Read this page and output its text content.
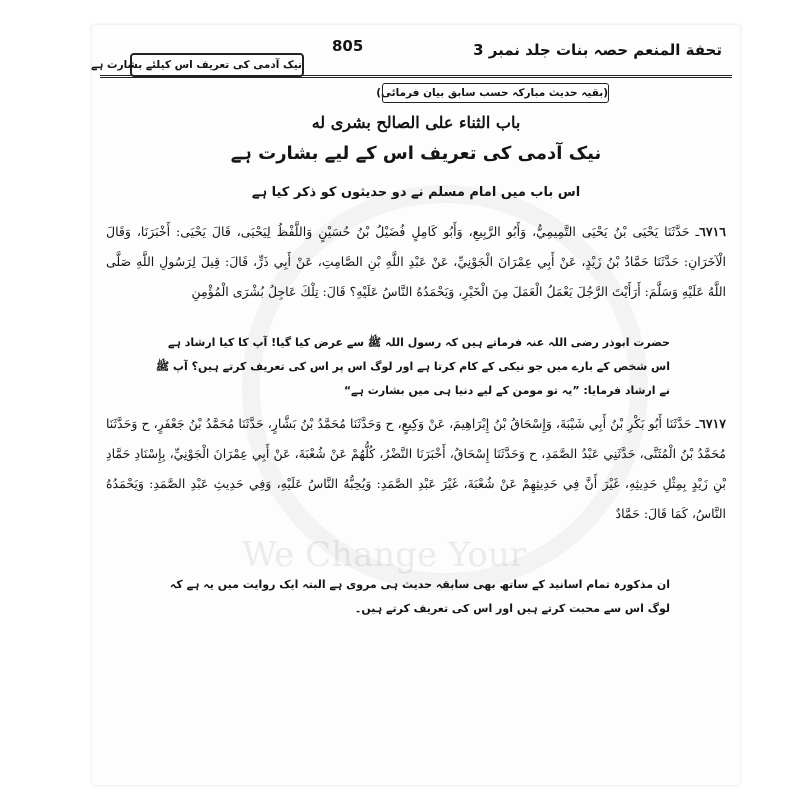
We Change Your
تحفة المنعم حصہ بنات جلد نمبر 3
805
نیک آدمی کی تعریف اس کیلئے بشارت ہے
(بقیہ حدیث مبارکہ حسب سابق بیان فرمائی)
باب الثناء على الصالح بشرى له
نیک آدمی کی تعریف اس کے لیے بشارت ہے
اس باب میں امام مسلم نے دو حدیثوں کو ذکر کیا ہے
٦٧١٦ـ حَدَّثَنَا يَحْيَى بْنُ يَحْيَى التَّمِيمِيُّ، وَأَبُو الرَّبِيعِ، وَأَبُو كَامِلٍ فُضَيْلُ بْنُ حُسَيْنٍ وَاللَّفْظُ لِيَحْيَى، قَالَ يَحْيَى: أَخْبَرَنَا، وَقَالَ الْآخَرَانِ: حَدَّثَنَا حَمَّادُ بْنُ زَيْدٍ، عَنْ أَبِي عِمْرَانَ الْجَوْنِيِّ، عَنْ عَبْدِ اللَّهِ بْنِ الصَّامِتِ، عَنْ أَبِي ذَرٍّ، قَالَ: قِيلَ لِرَسُولِ اللَّهِ صَلَّى اللَّهُ عَلَيْهِ وَسَلَّمَ: أَرَأَيْتَ الرَّجُلَ يَعْمَلُ الْعَمَلَ مِنَ الْخَيْرِ، وَيَحْمَدُهُ النَّاسُ عَلَيْهِ؟ قَالَ: تِلْكَ عَاجِلُ بُشْرَى الْمُؤْمِنِ
حضرت ابوذر رضی اللہ عنہ فرماتے ہیں کہ رسول اللہ ﷺ سے عرض کیا گیا! آپ کا کیا ارشاد ہے اس شخص کے بارے میں جو نیکی کے کام کرتا ہے اور لوگ اس پر اس کی تعریف کرتے ہیں؟ آپ ﷺ نے ارشاد فرمایا: ”یہ تو مومن کے لیے دنیا ہی میں بشارت ہے“
٦٧١٧ـ حَدَّثَنَا أَبُو بَكْرِ بْنُ أَبِي شَيْبَةَ، وَإِسْحَاقُ بْنُ إِبْرَاهِيمَ، عَنْ وَكِيعٍ، ح وَحَدَّثَنَا مُحَمَّدُ بْنُ بَشَّارٍ، حَدَّثَنَا مُحَمَّدُ بْنُ جَعْفَرٍ، ح وَحَدَّثَنَا مُحَمَّدُ بْنُ الْمُثَنَّى، حَدَّثَنِي عَبْدُ الصَّمَدِ، ح وَحَدَّثَنَا إِسْحَاقُ، أَخْبَرَنَا النَّضْرُ، كُلُّهُمْ عَنْ شُعْبَةَ، عَنْ أَبِي عِمْرَانَ الْجَوْنِيِّ، بِإِسْنَادِ حَمَّادِ بْنِ زَيْدٍ بِمِثْلِ حَدِيثِهِ، غَيْرَ أَنَّ فِي حَدِيثِهِمْ عَنْ شُعْبَةَ، غَيْرَ عَبْدِ الصَّمَدِ: وَيُحِبُّهُ النَّاسُ عَلَيْهِ، وَفِي حَدِيثِ عَبْدِ الصَّمَدِ: وَيَحْمَدُهُ النَّاسُ، كَمَا قَالَ: حَمَّادٌ
ان مذکورہ تمام اسانید کے ساتھ بھی سابقہ حدیث ہی مروی ہے البتہ ایک روایت میں یہ ہے کہ لوگ اس سے محبت کرتے ہیں اور اس کی تعریف کرتے ہیں۔
